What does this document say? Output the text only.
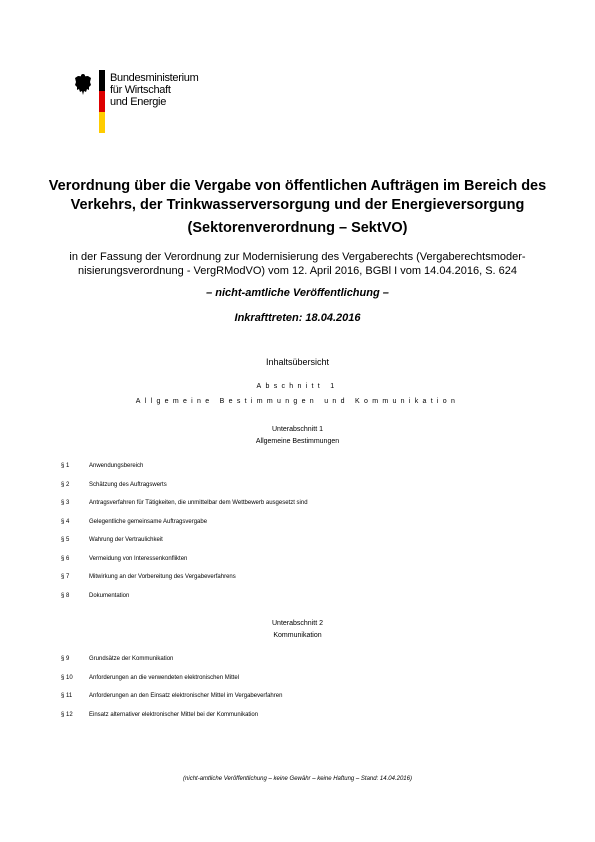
Bundesministerium
für Wirtschaft
und Energie
Verordnung über die Vergabe von öffentlichen Aufträgen im Bereich des Verkehrs, der Trinkwasserversorgung und der Energieversorgung
(Sektorenverordnung – SektVO)
in der Fassung der Verordnung zur Modernisierung des Vergaberechts (Vergaberechtsmoder-nisierungsverordnung - VergRModVO) vom 12. April 2016, BGBl I vom 14.04.2016, S. 624
– nicht-amtliche Veröffentlichung –
Inkrafttreten: 18.04.2016
Inhaltsübersicht
Abschnitt 1
Allgemeine Bestimmungen und Kommunikation
Unterabschnitt 1
Allgemeine Bestimmungen
§ 1	Anwendungsbereich
§ 2	Schätzung des Auftragswerts
§ 3	Antragsverfahren für Tätigkeiten, die unmittelbar dem Wettbewerb ausgesetzt sind
§ 4	Gelegentliche gemeinsame Auftragsvergabe
§ 5	Wahrung der Vertraulichkeit
§ 6	Vermeidung von Interessenkonflikten
§ 7	Mitwirkung an der Vorbereitung des Vergabeverfahrens
§ 8	Dokumentation
Unterabschnitt 2
Kommunikation
§ 9	Grundsätze der Kommunikation
§ 10	Anforderungen an die verwendeten elektronischen Mittel
§ 11	Anforderungen an den Einsatz elektronischer Mittel im Vergabeverfahren
§ 12	Einsatz alternativer elektronischer Mittel bei der Kommunikation
(nicht-amtliche Veröffentlichung – keine Gewähr – keine Haftung – Stand: 14.04.2016)
